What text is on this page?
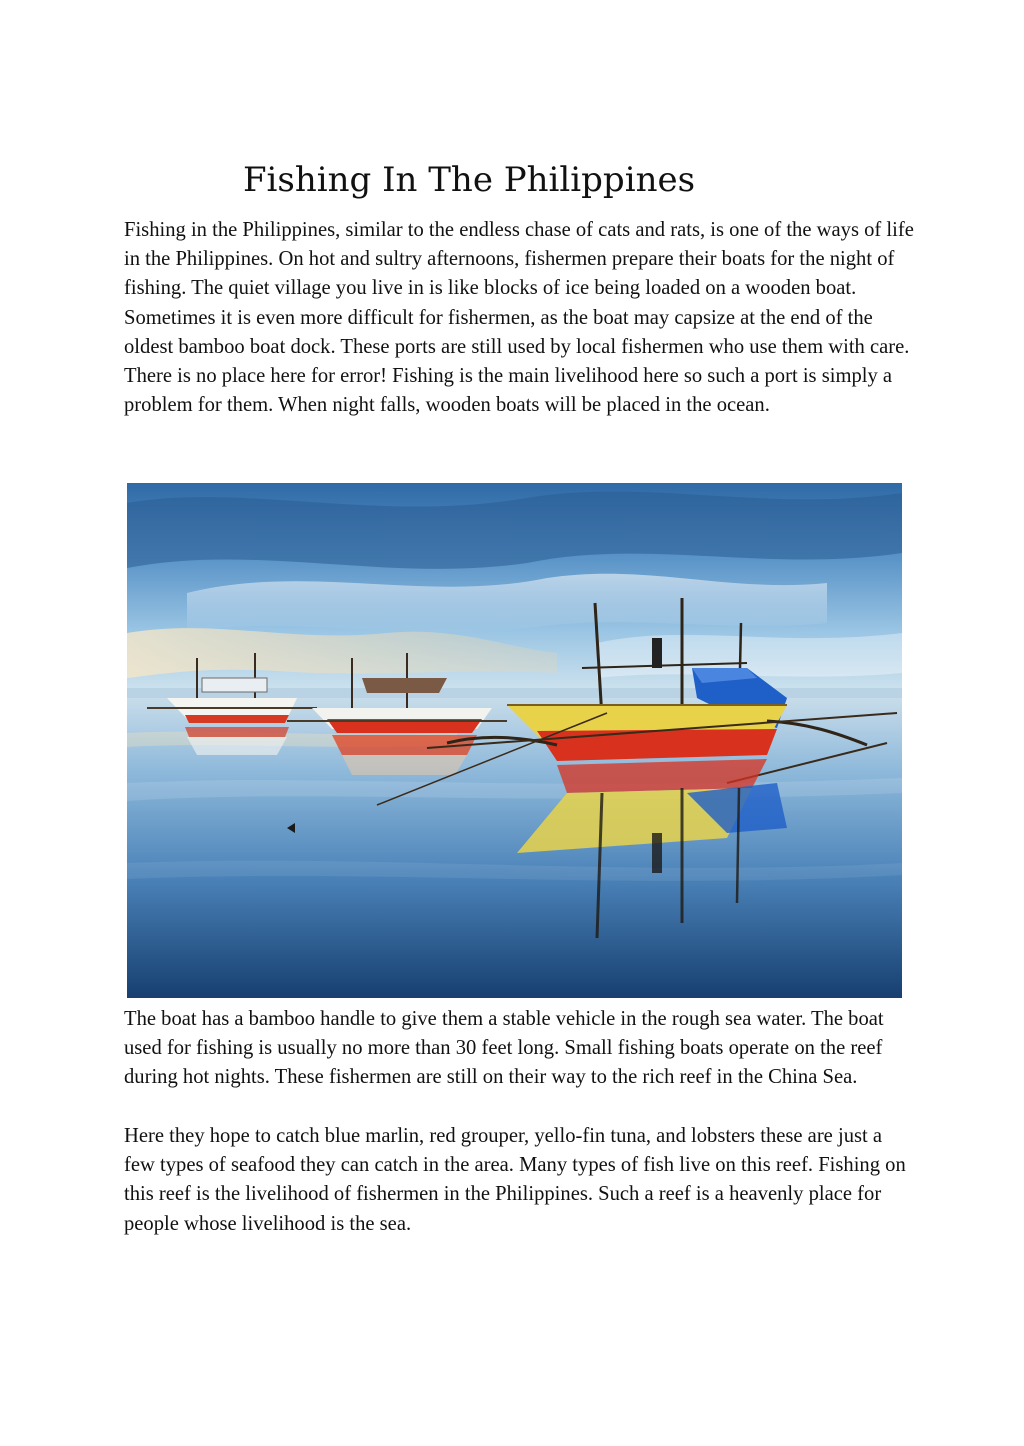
Fishing In The Philippines

Fishing in the Philippines, similar to the endless chase of cats and rats, is one of the ways of life in the Philippines. On hot and sultry afternoons, fishermen prepare their boats for the night of fishing. The quiet village you live in is like blocks of ice being loaded on a wooden boat. Sometimes it is even more difficult for fishermen, as the boat may capsize at the end of the oldest bamboo boat dock. These ports are still used by local fishermen who use them with care. There is no place here for error! Fishing is the main livelihood here so such a port is simply a problem for them. When night falls, wooden boats will be placed in the ocean.

The boat has a bamboo handle to give them a stable vehicle in the rough sea water. The boat used for fishing is usually no more than 30 feet long. Small fishing boats operate on the reef during hot nights. These fishermen are still on their way to the rich reef in the China Sea.

Here they hope to catch blue marlin, red grouper, yello-fin tuna, and lobsters these are just a few types of seafood they can catch in the area. Many types of fish live on this reef. Fishing on this reef is the livelihood of fishermen in the Philippines. Such a reef is a heavenly place for people whose livelihood is the sea.
